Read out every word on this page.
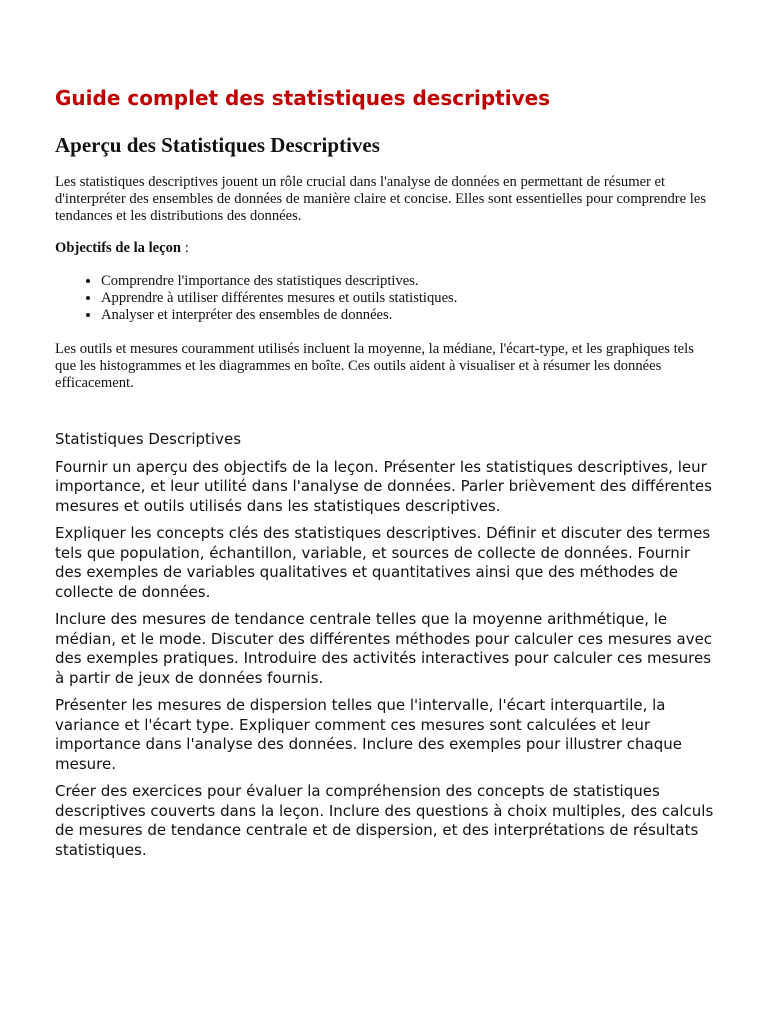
Guide complet des statistiques descriptives
Aperçu des Statistiques Descriptives

Les statistiques descriptives jouent un rôle crucial dans l'analyse de données en permettant de résumer et d'interpréter des ensembles de données de manière claire et concise. Elles sont essentielles pour comprendre les tendances et les distributions des données.

Objectifs de la leçon :

• Comprendre l'importance des statistiques descriptives.
• Apprendre à utiliser différentes mesures et outils statistiques.
• Analyser et interpréter des ensembles de données.

Les outils et mesures couramment utilisés incluent la moyenne, la médiane, l'écart-type, et les graphiques tels que les histogrammes et les diagrammes en boîte. Ces outils aident à visualiser et à résumer les données efficacement.

Statistiques Descriptives

Fournir un aperçu des objectifs de la leçon. Présenter les statistiques descriptives, leur importance, et leur utilité dans l'analyse de données. Parler brièvement des différentes mesures et outils utilisés dans les statistiques descriptives.

Expliquer les concepts clés des statistiques descriptives. Définir et discuter des termes tels que population, échantillon, variable, et sources de collecte de données. Fournir des exemples de variables qualitatives et quantitatives ainsi que des méthodes de collecte de données.

Inclure des mesures de tendance centrale telles que la moyenne arithmétique, le médian, et le mode. Discuter des différentes méthodes pour calculer ces mesures avec des exemples pratiques. Introduire des activités interactives pour calculer ces mesures à partir de jeux de données fournis.

Présenter les mesures de dispersion telles que l'intervalle, l'écart interquartile, la variance et l'écart type. Expliquer comment ces mesures sont calculées et leur importance dans l'analyse des données. Inclure des exemples pour illustrer chaque mesure.

Créer des exercices pour évaluer la compréhension des concepts de statistiques descriptives couverts dans la leçon. Inclure des questions à choix multiples, des calculs de mesures de tendance centrale et de dispersion, et des interprétations de résultats statistiques.
